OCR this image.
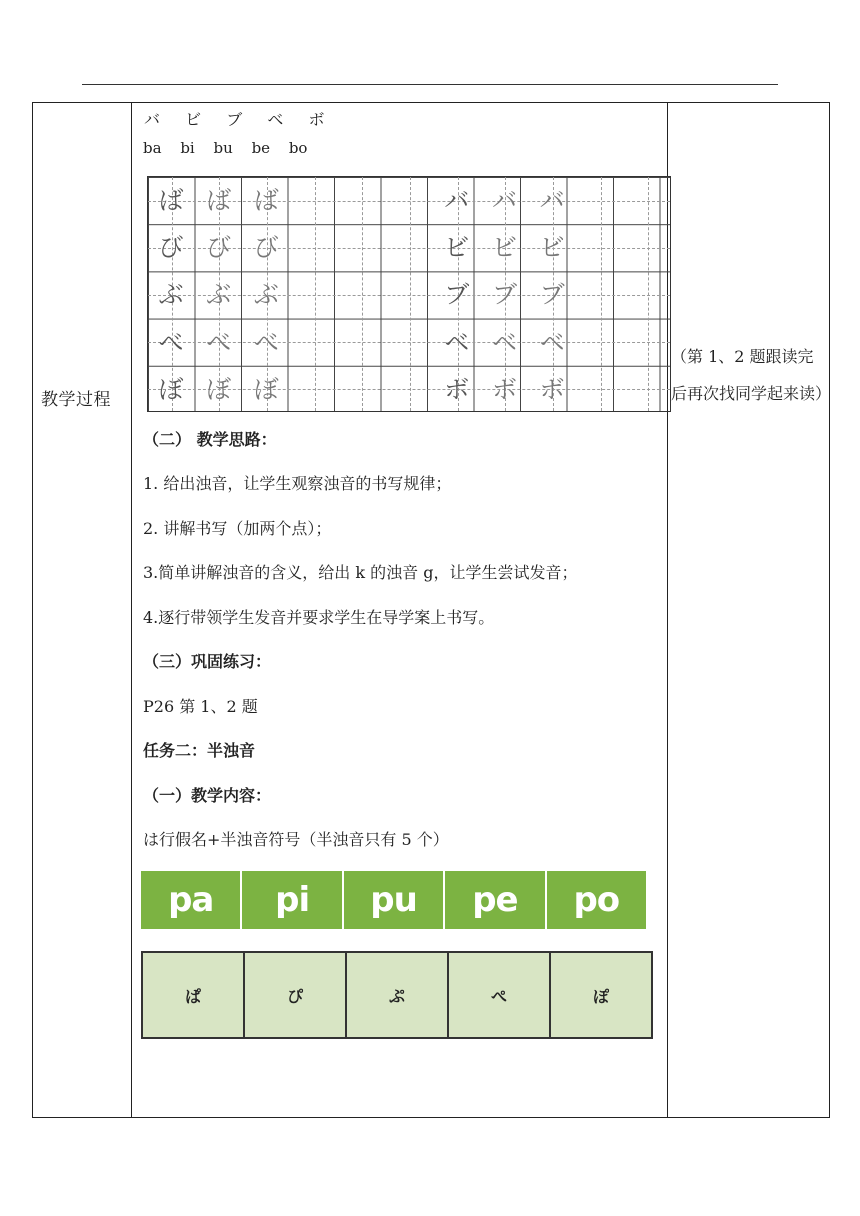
教学过程
（第 1、2 题跟读完后再次找同学起来读）
バ ビ ブ ベ ボ
ba bi bu be bo
ば ば ば	バ バ バ
び び び	ビ ビ ビ
ぶ ぶ ぶ	ブ ブ ブ
べ べ べ	ベ ベ ベ
ぼ ぼ ぼ	ボ ボ ボ
（二） 教学思路：
1. 给出浊音，让学生观察浊音的书写规律；
2. 讲解书写（加两个点）；
3.简单讲解浊音的含义，给出 k 的浊音 g，让学生尝试发音；
4.逐行带领学生发音并要求学生在导学案上书写。
（三）巩固练习：
P26 第 1、2 题
任务二：半浊音
（一）教学内容：
は行假名+半浊音符号（半浊音只有 5 个）
pa	pi	pu	pe	po
ぱ	ぴ	ぷ	ぺ	ぽ
